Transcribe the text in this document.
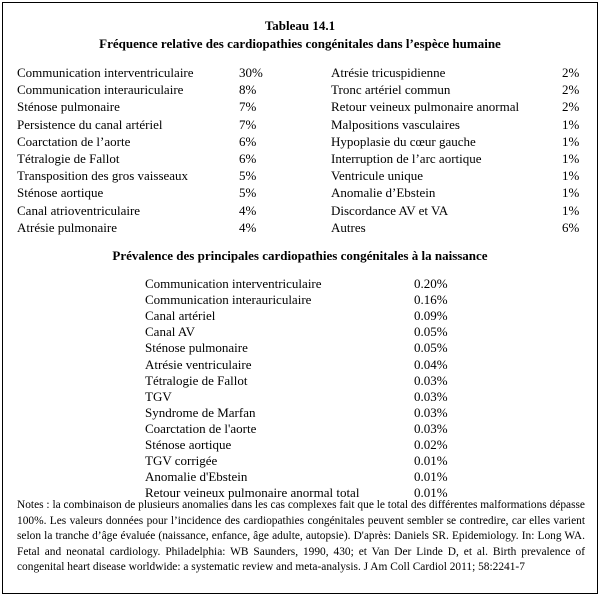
Tableau 14.1
Fréquence relative des cardiopathies congénitales dans l’espèce humaine
Communication interventriculaire	30%
Communication interauriculaire	8%
Sténose pulmonaire	7%
Persistence du canal artériel	7%
Coarctation de l’aorte	6%
Tétralogie de Fallot	6%
Transposition des gros vaisseaux	5%
Sténose aortique	5%
Canal atrioventriculaire	4%
Atrésie pulmonaire	4%
Atrésie tricuspidienne	2%
Tronc artériel commun	2%
Retour veineux pulmonaire anormal	2%
Malpositions vasculaires	1%
Hypoplasie du cœur gauche	1%
Interruption de l’arc aortique	1%
Ventricule unique	1%
Anomalie d’Ebstein	1%
Discordance AV et VA	1%
Autres	6%
Prévalence des principales cardiopathies congénitales à la naissance
Communication interventriculaire	0.20%
Communication interauriculaire	0.16%
Canal artériel	0.09%
Canal AV	0.05%
Sténose pulmonaire	0.05%
Atrésie ventriculaire	0.04%
Tétralogie de Fallot	0.03%
TGV	0.03%
Syndrome de Marfan	0.03%
Coarctation de l'aorte	0.03%
Sténose aortique	0.02%
TGV corrigée	0.01%
Anomalie d'Ebstein	0.01%
Retour veineux pulmonaire anormal total	0.01%
Notes : la combinaison de plusieurs anomalies dans les cas complexes fait que le total des différentes malformations dépasse 100%. Les valeurs données pour l’incidence des cardiopathies congénitales peuvent sembler se contredire, car elles varient selon la tranche d’âge évaluée (naissance, enfance, âge adulte, autopsie). D'après: Daniels SR. Epidemiology. In: Long WA. Fetal and neonatal cardiology. Philadelphia: WB Saunders, 1990, 430; et Van Der Linde D, et al. Birth prevalence of congenital heart disease worldwide: a systematic review and meta-analysis. J Am Coll Cardiol 2011; 58:2241-7
